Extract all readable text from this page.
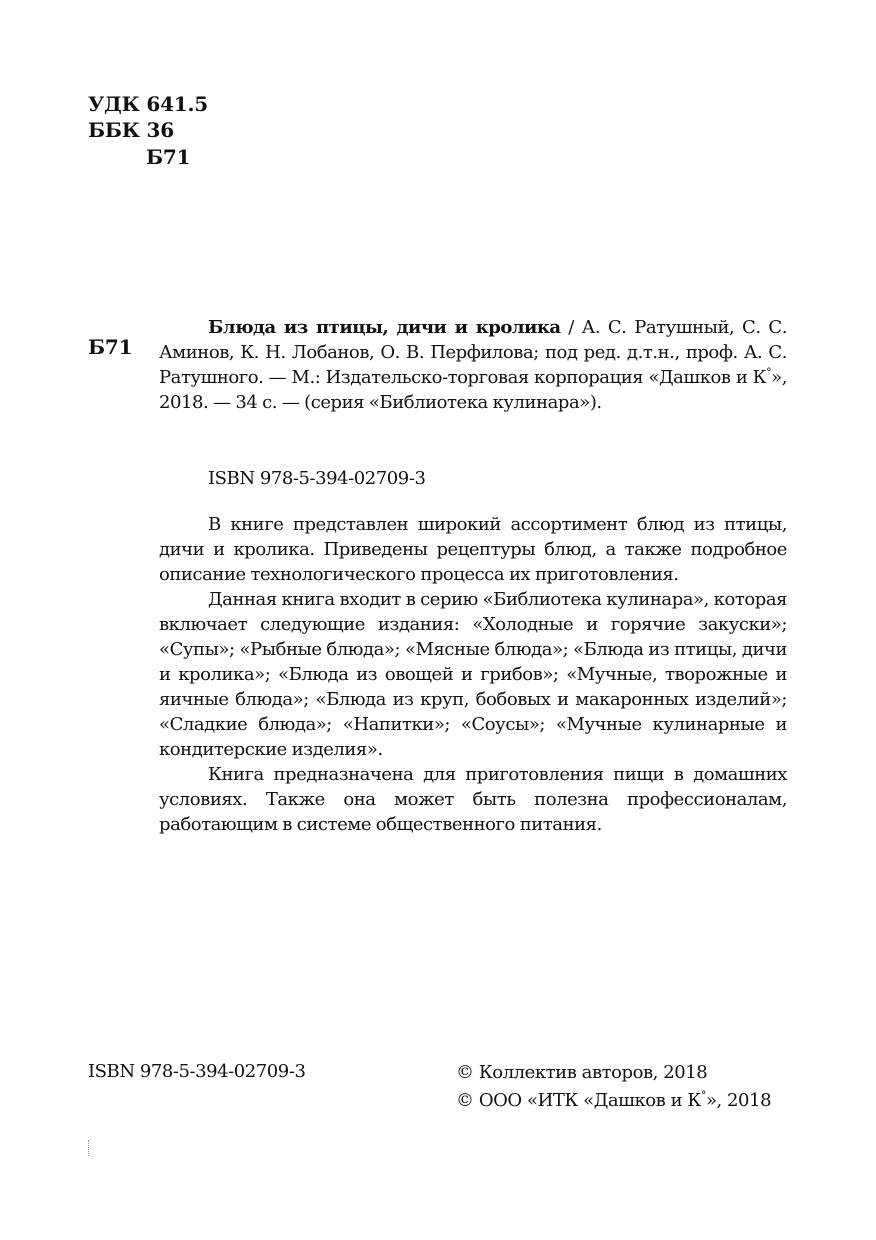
УДК 641.5
ББК 36
Б71
Б71
Блюда из птицы, дичи и кролика / А. С. Ратушный, С. С. Аминов, К. Н. Лобанов, О. В. Перфилова; под ред. д.т.н., проф. А. С. Ратушного. — М.: Издательско-торговая корпорация «Дашков и К°», 2018. — 34 с. — (серия «Библиотека кулинара»).
ISBN 978-5-394-02709-3

В книге представлен широкий ассортимент блюд из птицы, дичи и кролика. Приведены рецептуры блюд, а также подробное описание технологического процесса их приготовления.

Данная книга входит в серию «Библиотека кулинара», которая включает следующие издания: «Холодные и горячие закуски»; «Супы»; «Рыбные блюда»; «Мясные блюда»; «Блюда из птицы, дичи и кролика»; «Блюда из овощей и грибов»; «Мучные, творожные и яичные блюда»; «Блюда из круп, бобовых и макаронных изделий»; «Сладкие блюда»; «Напитки»; «Соусы»; «Мучные кулинарные и кондитерские изделия».

Книга предназначена для приготовления пищи в домашних условиях. Также она может быть полезна профессионалам, работающим в системе общественного питания.

ISBN 978-5-394-02709-3	© Коллектив авторов, 2018
© ООО «ИТК «Дашков и К°», 2018
